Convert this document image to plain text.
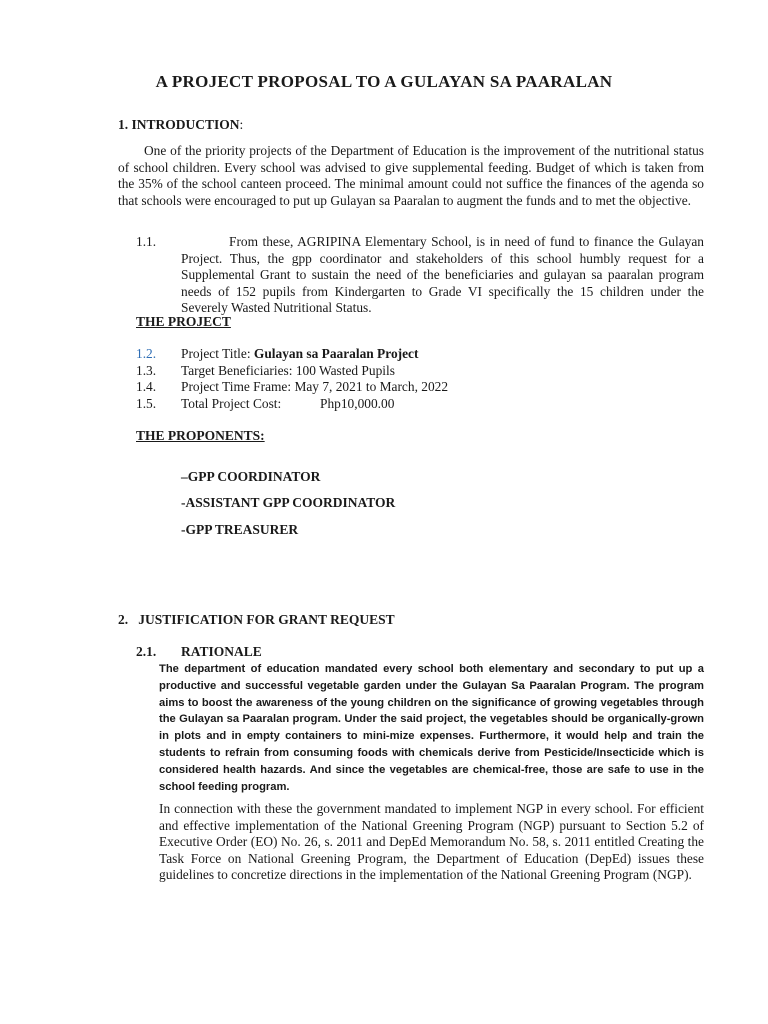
A PROJECT PROPOSAL TO A GULAYAN SA PAARALAN
1. INTRODUCTION:
One of the priority projects of the Department of Education is the improvement of the nutritional status of school children. Every school was advised to give supplemental feeding. Budget of which is taken from the 35% of the school canteen proceed. The minimal amount could not suffice the finances of the agenda so that schools were encouraged to put up Gulayan sa Paaralan to augment the funds and to met the objective.
1.1.	From these, AGRIPINA Elementary School, is in need of fund to finance the Gulayan Project. Thus, the gpp coordinator and stakeholders of this school humbly request for a Supplemental Grant to sustain the need of the beneficiaries and gulayan sa paaralan program needs of 152 pupils from Kindergarten to Grade VI specifically the 15 children under the Severely Wasted Nutritional Status.
THE PROJECT
1.2. Project Title: Gulayan sa Paaralan Project
1.3. Target Beneficiaries: 100 Wasted Pupils
1.4. Project Time Frame: May 7, 2021 to March, 2022
1.5. Total Project Cost:	Php10,000.00
THE PROPONENTS:
–GPP COORDINATOR
-ASSISTANT GPP COORDINATOR
-GPP TREASURER
2.   JUSTIFICATION FOR GRANT REQUEST
2.1. RATIONALE
The department of education mandated every school both elementary and secondary to put up a productive and successful vegetable garden under the Gulayan Sa Paaralan Program. The program aims to boost the awareness of the young children on the significance of growing vegetables through the Gulayan sa Paaralan program. Under the said project, the vegetables should be organically-grown in plots and in empty containers to mini-mize expenses. Furthermore, it would help and train the students to refrain from consuming foods with chemicals derive from Pesticide/Insecticide which is considered health hazards. And since the vegetables are chemical-free, those are safe to use in the school feeding program.
In connection with these the government mandated to implement NGP in every school. For efficient and effective implementation of the National Greening Program (NGP) pursuant to Section 5.2 of Executive Order (EO) No. 26, s. 2011 and DepEd Memorandum No. 58, s. 2011 entitled Creating the Task Force on National Greening Program, the Department of Education (DepEd) issues these guidelines to concretize directions in the implementation of the National Greening Program (NGP).
